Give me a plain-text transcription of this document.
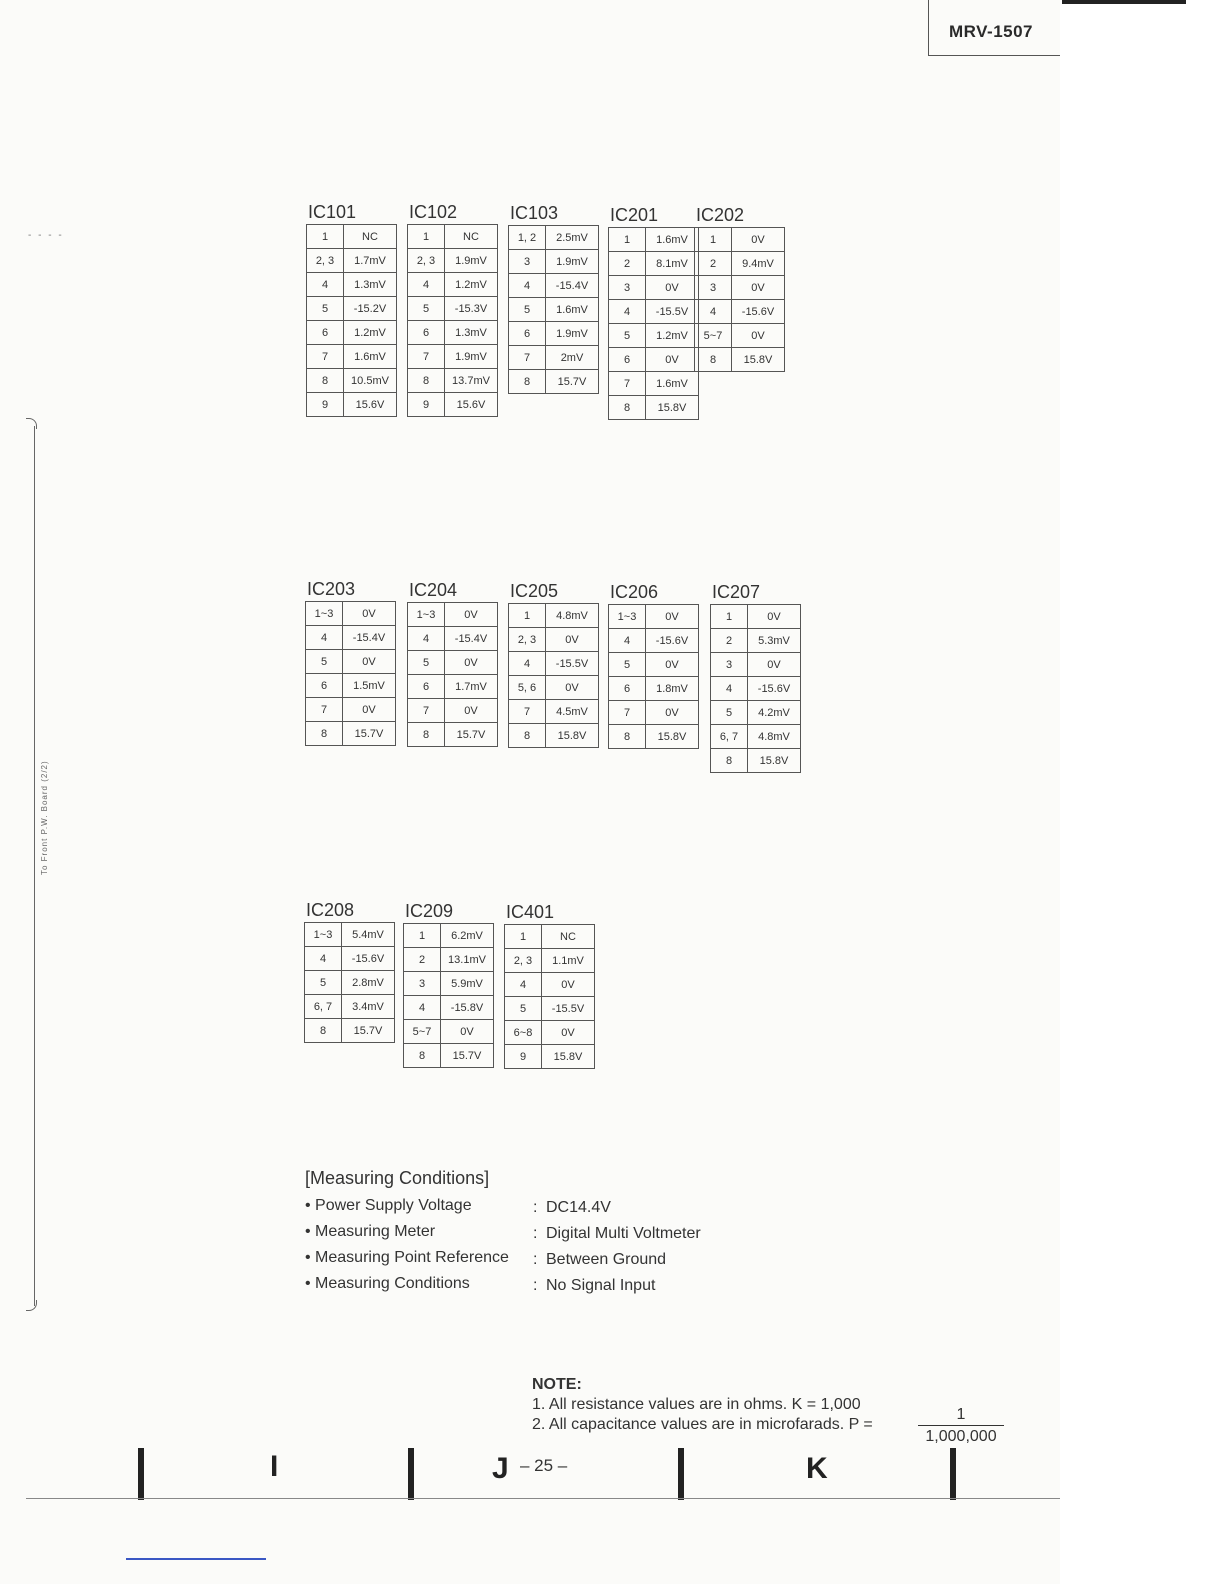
MRV-1507
- - - -
To Front P.W. Board (2/2)
IC101
1	NC
2, 3	1.7mV
4	1.3mV
5	-15.2V
6	1.2mV
7	1.6mV
8	10.5mV
9	15.6V
IC102
1	NC
2, 3	1.9mV
4	1.2mV
5	-15.3V
6	1.3mV
7	1.9mV
8	13.7mV
9	15.6V
IC103
1, 2	2.5mV
3	1.9mV
4	-15.4V
5	1.6mV
6	1.9mV
7	2mV
8	15.7V
IC201
1	1.6mV
2	8.1mV
3	0V
4	-15.5V
5	1.2mV
6	0V
7	1.6mV
8	15.8V
IC202
1	0V
2	9.4mV
3	0V
4	-15.6V
5~7	0V
8	15.8V
IC203
1~3	0V
4	-15.4V
5	0V
6	1.5mV
7	0V
8	15.7V
IC204
1~3	0V
4	-15.4V
5	0V
6	1.7mV
7	0V
8	15.7V
IC205
1	4.8mV
2, 3	0V
4	-15.5V
5, 6	0V
7	4.5mV
8	15.8V
IC206
1~3	0V
4	-15.6V
5	0V
6	1.8mV
7	0V
8	15.8V
IC207
1	0V
2	5.3mV
3	0V
4	-15.6V
5	4.2mV
6, 7	4.8mV
8	15.8V
IC208
1~3	5.4mV
4	-15.6V
5	2.8mV
6, 7	3.4mV
8	15.7V
IC209
1	6.2mV
2	13.1mV
3	5.9mV
4	-15.8V
5~7	0V
8	15.7V
IC401
1	NC
2, 3	1.1mV
4	0V
5	-15.5V
6~8	0V
9	15.8V
[Measuring Conditions]
• Power Supply Voltage	: DC14.4V
• Measuring Meter	: Digital Multi Voltmeter
• Measuring Point Reference : Between Ground
• Measuring Conditions	: No Signal Input
NOTE:
1. All resistance values are in ohms. K = 1,000
2. All capacitance values are in microfarads. P =
1
1,000,000
I	J – 25 –	K
